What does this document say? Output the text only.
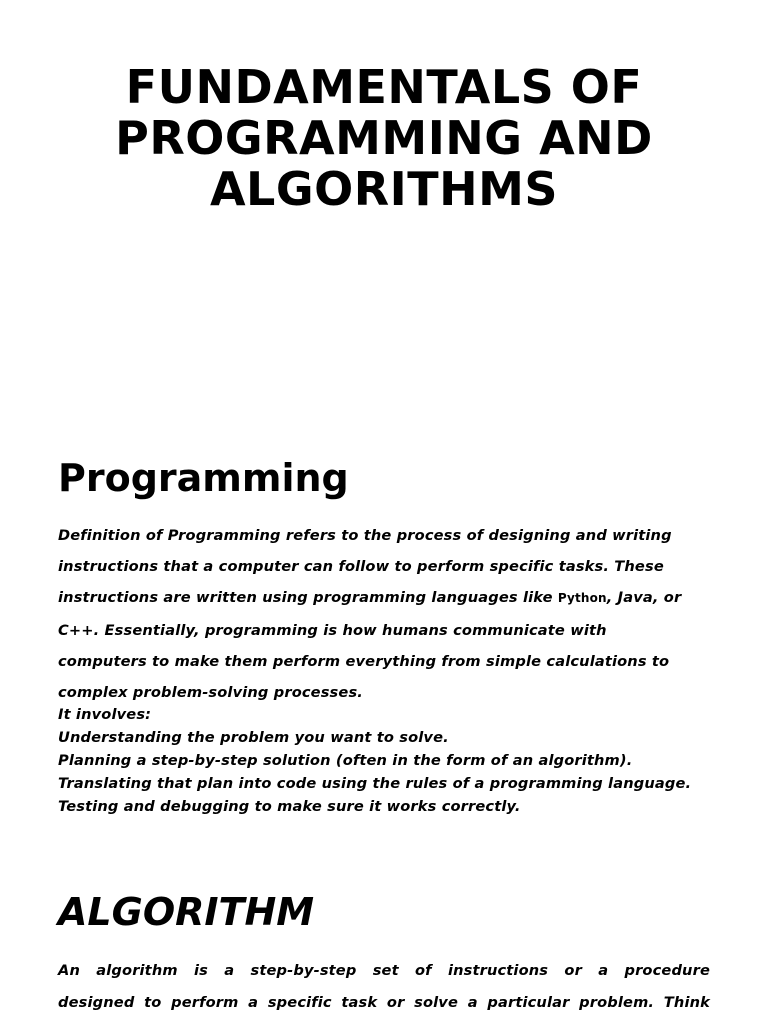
FUNDAMENTALS OF
PROGRAMMING AND
ALGORITHMS
Programming

Definition of Programming refers to the process of designing and writing
instructions that a computer can follow to perform specific tasks. These
instructions are written using programming languages like Python, Java, or
C++. Essentially, programming is how humans communicate with
computers to make them perform everything from simple calculations to
complex problem-solving processes.

It involves:
Understanding the problem you want to solve.
Planning a step-by-step solution (often in the form of an algorithm).
Translating that plan into code using the rules of a programming language.
Testing and debugging to make sure it works correctly.
ALGORITHM

An algorithm is a step-by-step set of instructions or a procedure
designed to perform a specific task or solve a particular problem. Think
